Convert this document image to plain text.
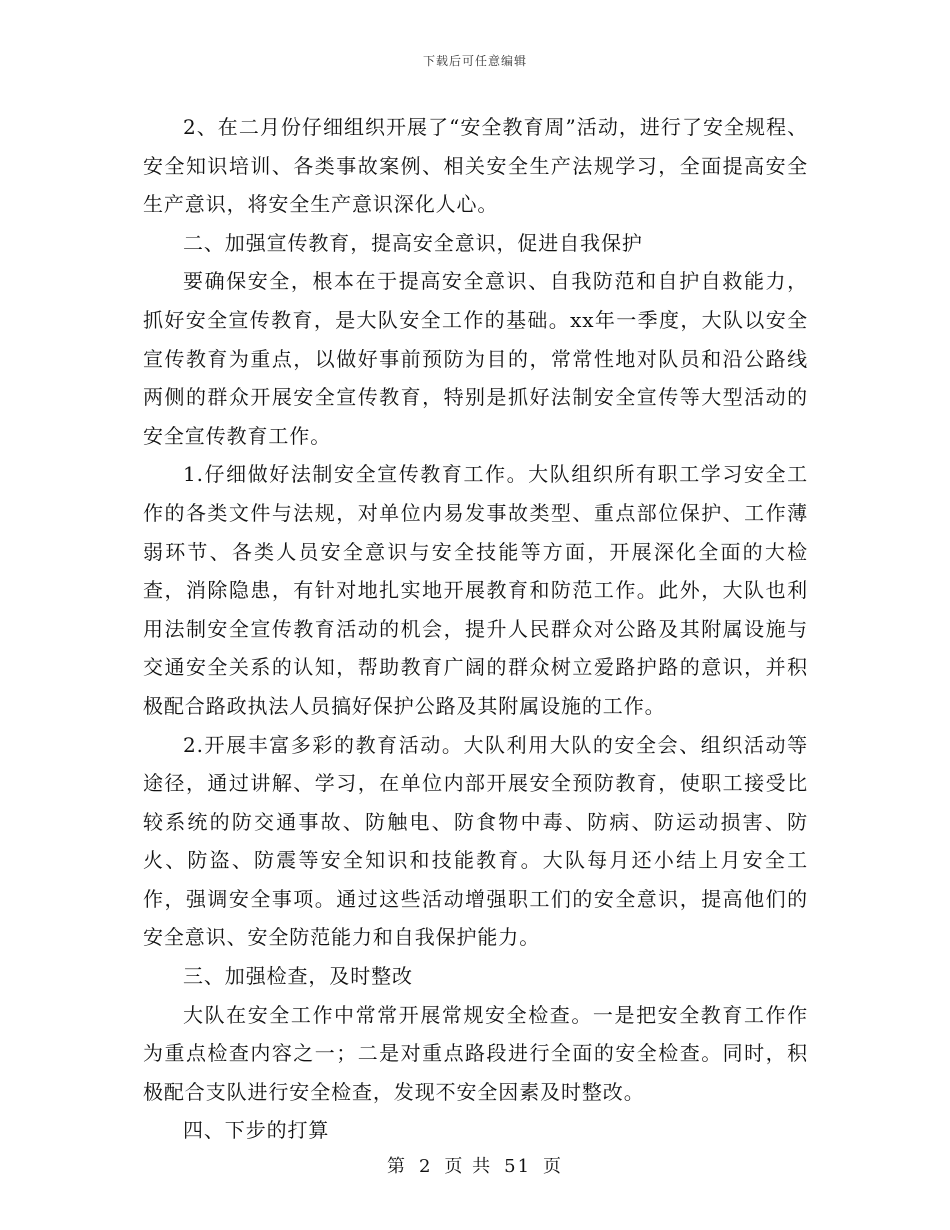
下载后可任意编辑

2、在二月份仔细组织开展了“安全教育周”活动，进行了安全规程、安全知识培训、各类事故案例、相关安全生产法规学习，全面提高安全生产意识，将安全生产意识深化人心。

二、加强宣传教育，提高安全意识，促进自我保护

要确保安全，根本在于提高安全意识、自我防范和自护自救能力，抓好安全宣传教育，是大队安全工作的基础。xx年一季度，大队以安全宣传教育为重点，以做好事前预防为目的，常常性地对队员和沿公路线两侧的群众开展安全宣传教育，特别是抓好法制安全宣传等大型活动的安全宣传教育工作。

1.仔细做好法制安全宣传教育工作。大队组织所有职工学习安全工作的各类文件与法规，对单位内易发事故类型、重点部位保护、工作薄弱环节、各类人员安全意识与安全技能等方面，开展深化全面的大检查，消除隐患，有针对地扎实地开展教育和防范工作。此外，大队也利用法制安全宣传教育活动的机会，提升人民群众对公路及其附属设施与交通安全关系的认知，帮助教育广阔的群众树立爱路护路的意识，并积极配合路政执法人员搞好保护公路及其附属设施的工作。

2.开展丰富多彩的教育活动。大队利用大队的安全会、组织活动等途径，通过讲解、学习，在单位内部开展安全预防教育，使职工接受比较系统的防交通事故、防触电、防食物中毒、防病、防运动损害、防火、防盗、防震等安全知识和技能教育。大队每月还小结上月安全工作，强调安全事项。通过这些活动增强职工们的安全意识，提高他们的安全意识、安全防范能力和自我保护能力。

三、加强检查，及时整改

大队在安全工作中常常开展常规安全检查。一是把安全教育工作作为重点检查内容之一；二是对重点路段进行全面的安全检查。同时，积极配合支队进行安全检查，发现不安全因素及时整改。

四、下步的打算

第 2 页 共 51 页
